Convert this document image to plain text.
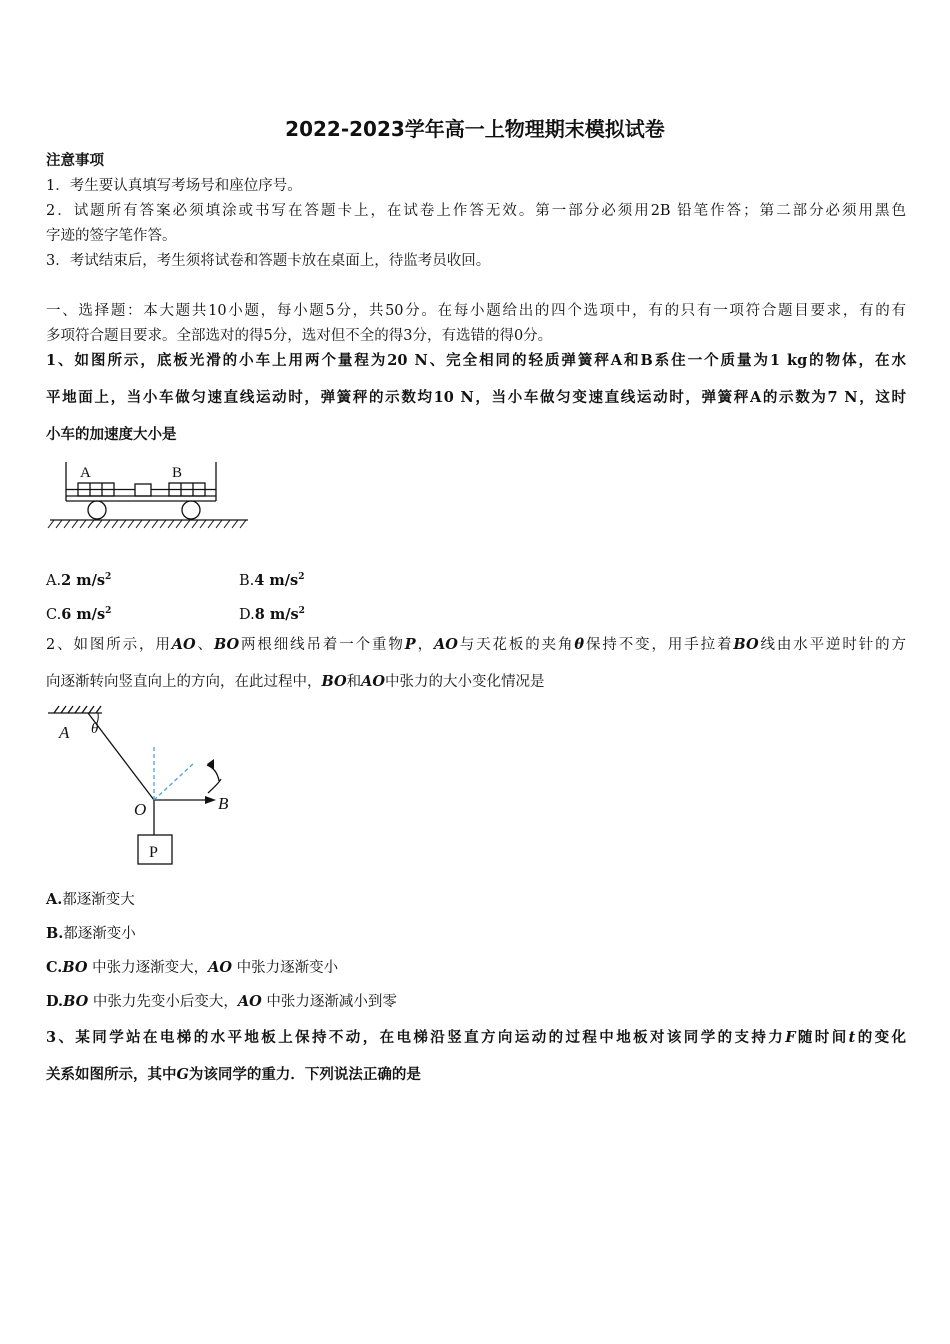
2022-2023学年高一上物理期末模拟试卷
注意事项
1．考生要认真填写考场号和座位序号。
2．试题所有答案必须填涂或书写在答题卡上，在试卷上作答无效。第一部分必须用2B 铅笔作答；第二部分必须用黑色
字迹的签字笔作答。
3．考试结束后，考生须将试卷和答题卡放在桌面上，待监考员收回。
一、选择题：本大题共10小题，每小题5分，共50分。在每小题给出的四个选项中，有的只有一项符合题目要求，有的有
多项符合题目要求。全部选对的得5分，选对但不全的得3分，有选错的得0分。
1、如图所示，底板光滑的小车上用两个量程为20 N、完全相同的轻质弹簧秤A和B系住一个质量为1 kg的物体，在水
平地面上，当小车做匀速直线运动时，弹簧秤的示数均10 N，当小车做匀变速直线运动时，弹簧秤A的示数为7 N，这时
小车的加速度大小是
A	B
A.2 $m/s^2$	B.4 $m/s^2$
C.6 $m/s^2$	D.8 $m/s^2$
2、如图所示，用AO、BO两根细线吊着一个重物P，AO与天花板的夹角θ保持不变，用手拉着BO线由水平逆时针的方
向逐渐转向竖直向上的方向，在此过程中，BO和AO中张力的大小变化情况是
A θ
O	B
P
A.都逐渐变大
B.都逐渐变小
C.BO 中张力逐渐变大，AO 中张力逐渐变小
D.BO 中张力先变小后变大，AO 中张力逐渐减小到零
3、某同学站在电梯的水平地板上保持不动，在电梯沿竖直方向运动的过程中地板对该同学的支持力F随时间t的变化
关系如图所示，其中G为该同学的重力．下列说法正确的是
